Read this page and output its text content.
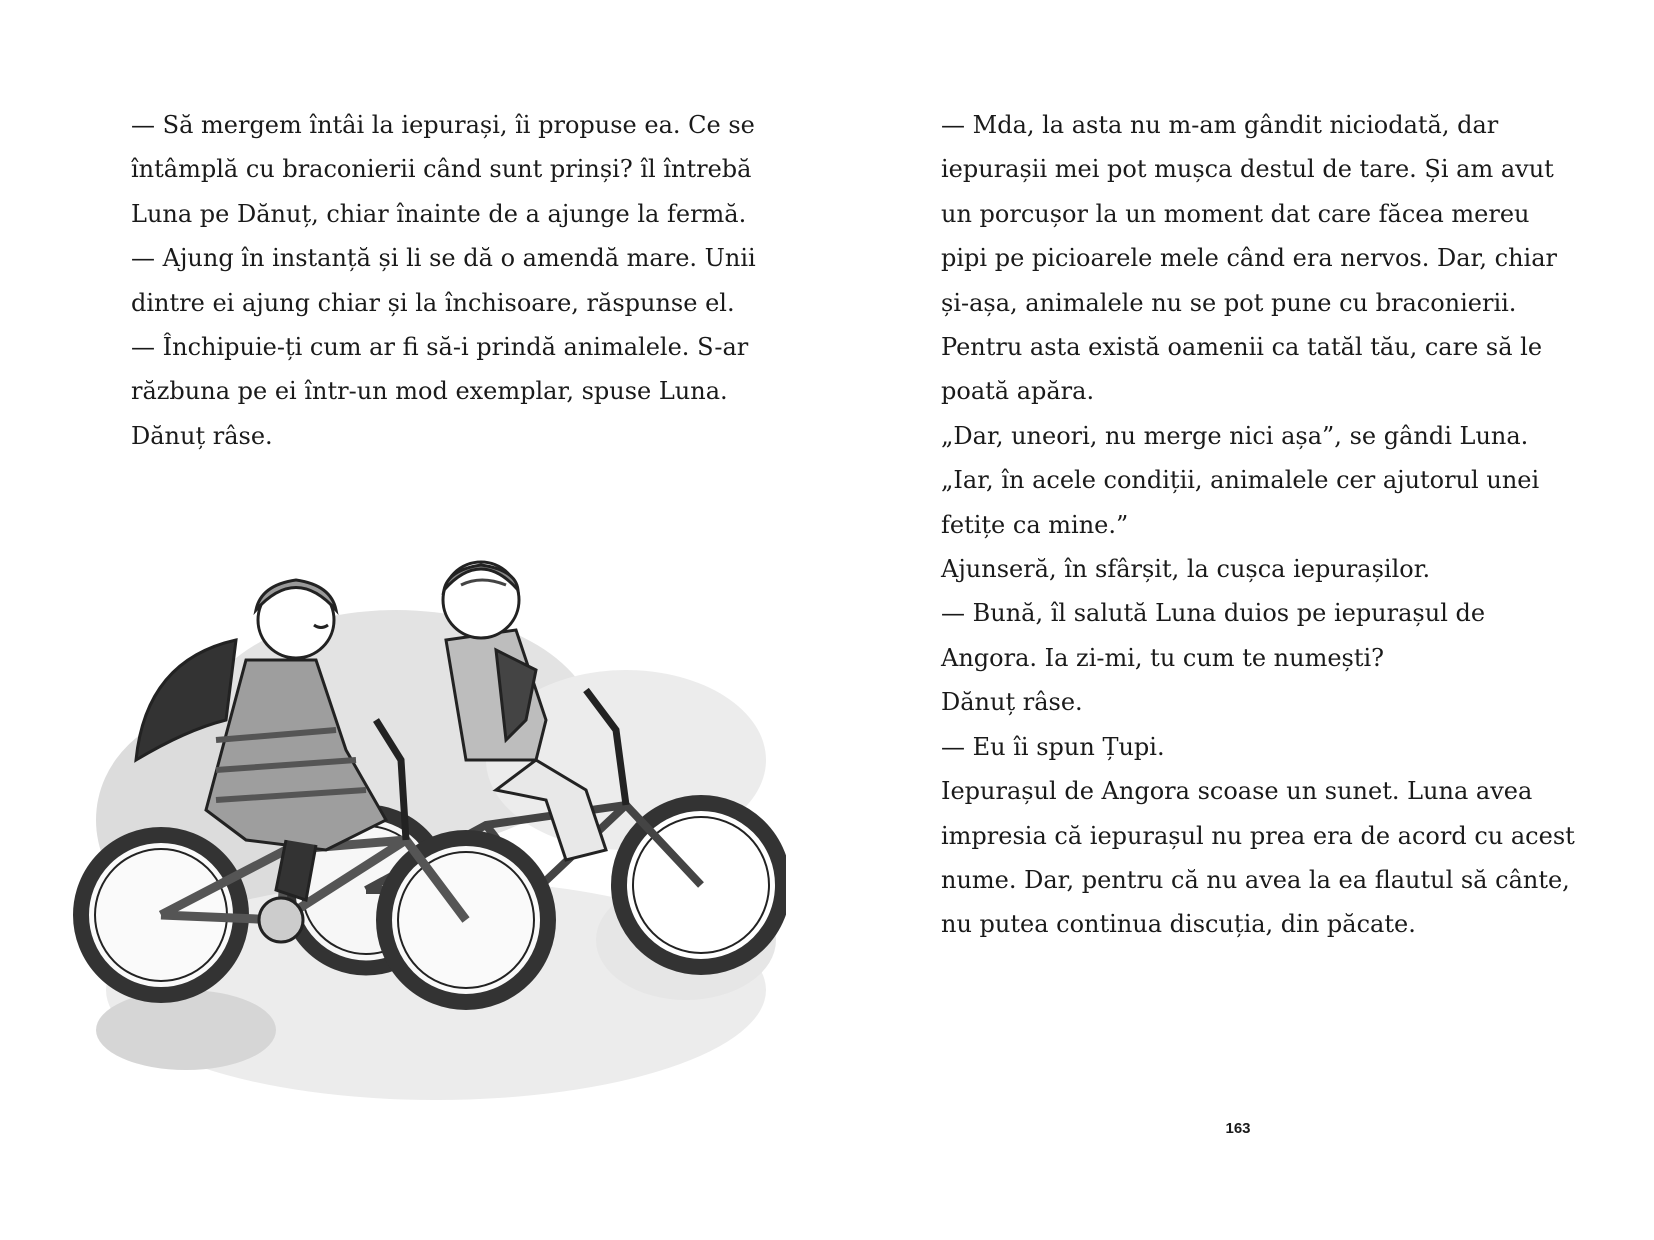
— Să mergem întâi la iepurași, îi propuse ea. Ce se

întâmplă cu braconierii când sunt prinși? îl întrebă

Luna pe Dănuț, chiar înainte de a ajunge la fermă.

— Ajung în instanță și li se dă o amendă mare. Unii

dintre ei ajung chiar și la închisoare, răspunse el.

— Închipuie-ți cum ar fi să-i prindă animalele. S-ar

răzbuna pe ei într-un mod exemplar, spuse Luna.

Dănuț râse.

— Mda, la asta nu m-am gândit niciodată, dar

iepurașii mei pot mușca destul de tare. Și am avut

un porcușor la un moment dat care făcea mereu

pipi pe picioarele mele când era nervos. Dar, chiar

și-așa, animalele nu se pot pune cu braconierii.

Pentru asta există oamenii ca tatăl tău, care să le

poată apăra.

„Dar, uneori, nu merge nici așa”, se gândi Luna.

„Iar, în acele condiții, animalele cer ajutorul unei

fetițe ca mine.”

Ajunseră, în sfârșit, la cușca iepurașilor.

— Bună, îl salută Luna duios pe iepurașul de

Angora. Ia zi-mi, tu cum te numești?

Dănuț râse.

— Eu îi spun Țupi.

Iepurașul de Angora scoase un sunet. Luna avea

impresia că iepurașul nu prea era de acord cu acest

nume. Dar, pentru că nu avea la ea flautul să cânte,

nu putea continua discuția, din păcate.

163
